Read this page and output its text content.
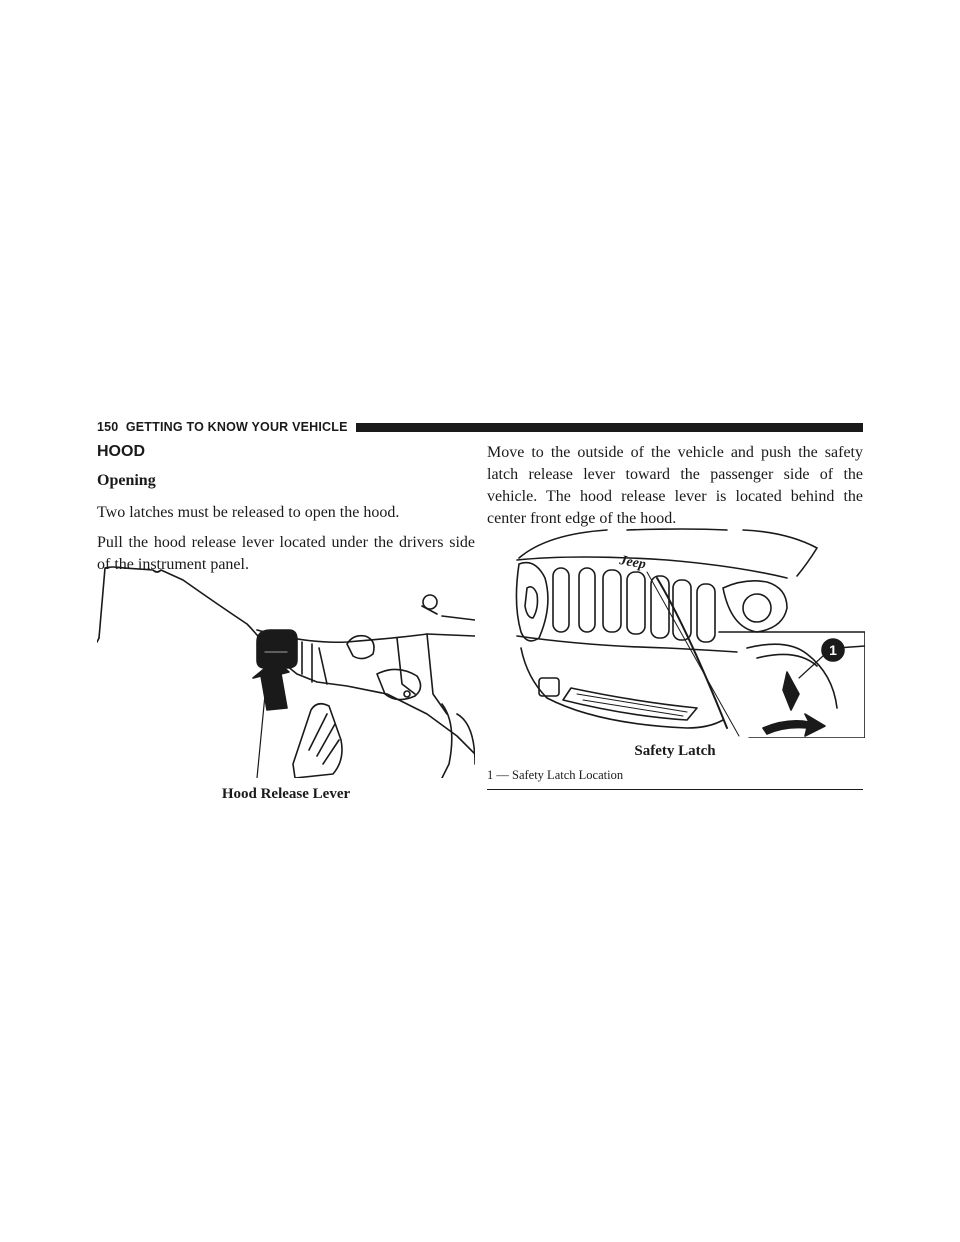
150 GETTING TO KNOW YOUR VEHICLE
HOOD
Opening

Two latches must be released to open the hood.

Pull the hood release lever located under the drivers side of the instrument panel.

Move to the outside of the vehicle and push the safety latch release lever toward the passenger side of the vehicle. The hood release lever is located behind the center front edge of the hood.

Jeep
1
Hood Release Lever
Safety Latch
1 — Safety Latch Location
